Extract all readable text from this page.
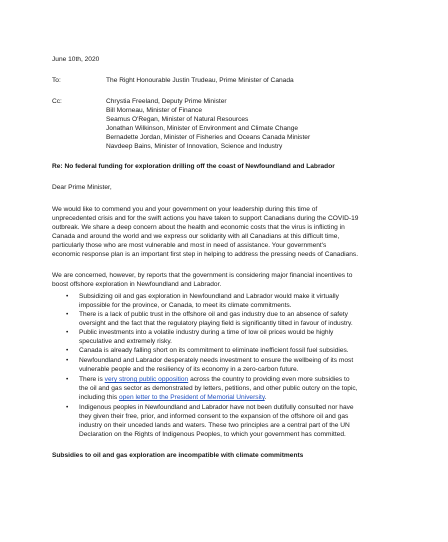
June 10th, 2020
To:	The Right Honourable Justin Trudeau, Prime Minister of Canada
Cc:	Chrystia Freeland, Deputy Prime Minister
Bill Morneau, Minister of Finance
Seamus O'Regan, Minister of Natural Resources
Jonathan Wilkinson, Minister of Environment and Climate Change
Bernadette Jordan, Minister of Fisheries and Oceans Canada Minister
Navdeep Bains, Minister of Innovation, Science and Industry
Re: No federal funding for exploration drilling off the coast of Newfoundland and Labrador
Dear Prime Minister,
We would like to commend you and your government on your leadership during this time of
unprecedented crisis and for the swift actions you have taken to support Canadians during the COVID-19
outbreak. We share a deep concern about the health and economic costs that the virus is inflicting in
Canada and around the world and we express our solidarity with all Canadians at this difficult time,
particularly those who are most vulnerable and most in need of assistance. Your government's
economic response plan is an important first step in helping to address the pressing needs of Canadians.
We are concerned, however, by reports that the government is considering major financial incentives to
boost offshore exploration in Newfoundland and Labrador.
• Subsidizing oil and gas exploration in Newfoundland and Labrador would make it virtually
impossible for the province, or Canada, to meet its climate commitments.
• There is a lack of public trust in the offshore oil and gas industry due to an absence of safety
oversight and the fact that the regulatory playing field is significantly tilted in favour of industry.
• Public investments into a volatile industry during a time of low oil prices would be highly
speculative and extremely risky.
• Canada is already falling short on its commitment to eliminate inefficient fossil fuel subsidies.
• Newfoundland and Labrador desperately needs investment to ensure the wellbeing of its most
vulnerable people and the resiliency of its economy in a zero-carbon future.
• There is very strong public opposition across the country to providing even more subsidies to
the oil and gas sector as demonstrated by letters, petitions, and other public outcry on the topic,
including this open letter to the President of Memorial University.
• Indigenous peoples in Newfoundland and Labrador have not been dutifully consulted nor have
they given their free, prior, and informed consent to the expansion of the offshore oil and gas
industry on their unceded lands and waters. These two principles are a central part of the UN
Declaration on the Rights of Indigenous Peoples, to which your government has committed.
Subsidies to oil and gas exploration are incompatible with climate commitments
